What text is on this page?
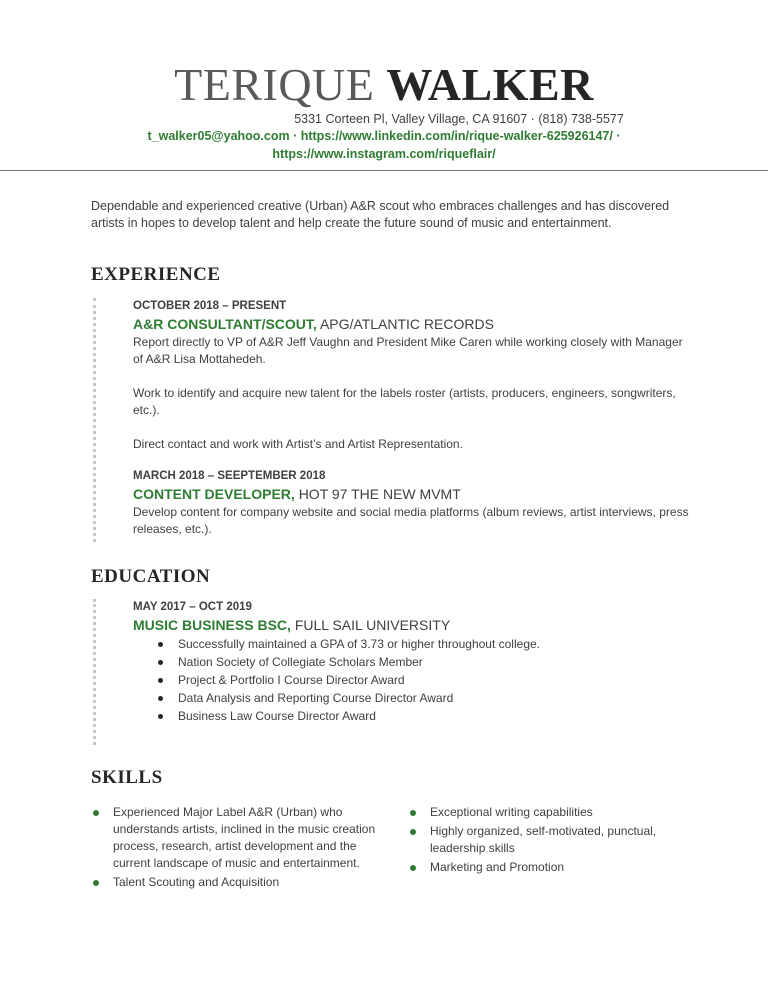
TERIQUE WALKER
5331 Corteen Pl, Valley Village, CA 91607 · (818) 738-5577
t_walker05@yahoo.com · https://www.linkedin.com/in/rique-walker-625926147/ ·
https://www.instagram.com/riqueflair/
Dependable and experienced creative (Urban) A&R scout who embraces challenges and has discovered artists in hopes to develop talent and help create the future sound of music and entertainment.
EXPERIENCE
OCTOBER 2018 – PRESENT
A&R CONSULTANT/SCOUT, APG/ATLANTIC RECORDS

Report directly to VP of A&R Jeff Vaughn and President Mike Caren while working closely with Manager of A&R Lisa Mottahedeh.

Work to identify and acquire new talent for the labels roster (artists, producers, engineers, songwriters, etc.).

Direct contact and work with Artist’s and Artist Representation.

MARCH 2018 – SEEPTEMBER 2018
CONTENT DEVELOPER, HOT 97 THE NEW MVMT

Develop content for company website and social media platforms (album reviews, artist interviews, press releases, etc.).

EDUCATION
MAY 2017 – OCT 2019
MUSIC BUSINESS BSC, FULL SAIL UNIVERSITY
Successfully maintained a GPA of 3.73 or higher throughout college.
Nation Society of Collegiate Scholars Member
Project & Portfolio I Course Director Award
Data Analysis and Reporting Course Director Award
Business Law Course Director Award
SKILLS
Experienced Major Label A&R (Urban) who understands artists, inclined in the music creation process, research, artist development and the current landscape of music and entertainment.
Talent Scouting and Acquisition
Exceptional writing capabilities
Highly organized, self-motivated, punctual, leadership skills
Marketing and Promotion
